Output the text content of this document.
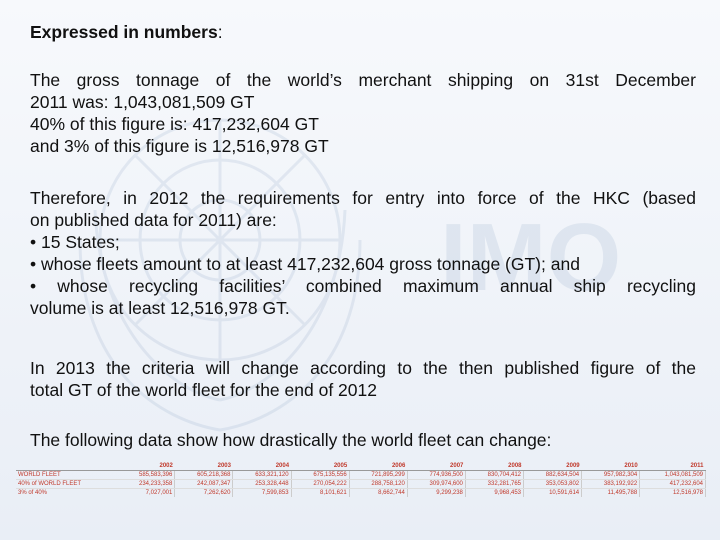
IMO
Expressed in numbers:
The gross tonnage of the world’s merchant shipping on 31st December
2011 was: 1,043,081,509 GT
40% of this figure is: 417,232,604 GT
and 3% of this figure is 12,516,978 GT
Therefore, in 2012 the requirements for entry into force of the HKC (based
on published data for 2011) are:
• 15 States;
• whose fleets amount to at least 417,232,604 gross tonnage (GT); and
• whose recycling facilities’ combined maximum annual ship recycling
volume is at least 12,516,978 GT.
In 2013 the criteria will change according to the then published figure of the
total GT of the world fleet for the end of 2012
The following data show how drastically the world fleet can change:
	2002	2003	2004	2005	2006	2007	2008	2009	2010	2011
WORLD FLEET	585,583,396	605,218,368	633,321,120	675,135,556	721,895,299	774,936,500	830,704,412	882,634,504	957,982,304	1,043,081,509
40% of WORLD FLEET	234,233,358	242,087,347	253,328,448	270,054,222	288,758,120	309,974,600	332,281,765	353,053,802	383,192,922	417,232,604
3% of 40%	7,027,001	7,262,620	7,599,853	8,101,621	8,662,744	9,299,238	9,968,453	10,591,614	11,495,788	12,516,978
